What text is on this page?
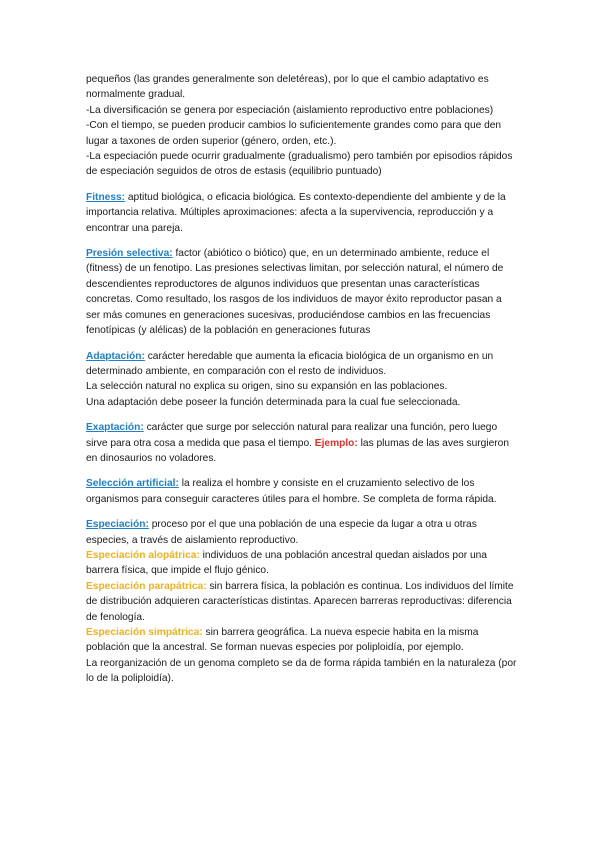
pequeños (las grandes generalmente son deletéreas), por lo que el cambio adaptativo es normalmente gradual.

-La diversificación se genera por especiación (aislamiento reproductivo entre poblaciones)

-Con el tiempo, se pueden producir cambios lo suficientemente grandes como para que den lugar a taxones de orden superior (género, orden, etc.).

-La especiación puede ocurrir gradualmente (gradualismo) pero también por episodios rápidos de especiación seguidos de otros de estasis (equilibrio puntuado)

Fitness: aptitud biológica, o eficacia biológica. Es contexto-dependiente del ambiente y de la importancia relativa. Múltiples aproximaciones: afecta a la supervivencia, reproducción y a encontrar una pareja.

Presión selectiva: factor (abiótico o biótico) que, en un determinado ambiente, reduce el (fitness) de un fenotipo. Las presiones selectivas limitan, por selección natural, el número de descendientes reproductores de algunos individuos que presentan unas características concretas. Como resultado, los rasgos de los individuos de mayor éxito reproductor pasan a ser más comunes en generaciones sucesivas, produciéndose cambios en las frecuencias fenotípicas (y alélicas) de la población en generaciones futuras

Adaptación: carácter heredable que aumenta la eficacia biológica de un organismo en un determinado ambiente, en comparación con el resto de individuos.

La selección natural no explica su origen, sino su expansión en las poblaciones.

Una adaptación debe poseer la función determinada para la cual fue seleccionada.

Exaptación: carácter que surge por selección natural para realizar una función, pero luego sirve para otra cosa a medida que pasa el tiempo. Ejemplo: las plumas de las aves surgieron en dinosaurios no voladores.

Selección artificial: la realiza el hombre y consiste en el cruzamiento selectivo de los organismos para conseguir caracteres útiles para el hombre. Se completa de forma rápida.

Especiación: proceso por el que una población de una especie da lugar a otra u otras especies, a través de aislamiento reproductivo.

Especiación alopátrica: individuos de una población ancestral quedan aislados por una barrera física, que impide el flujo génico.

Especiación parapátrica: sin barrera física, la población es continua. Los individuos del límite de distribución adquieren características distintas. Aparecen barreras reproductivas: diferencia de fenología.

Especiación simpátrica: sin barrera geográfica. La nueva especie habita en la misma población que la ancestral. Se forman nuevas especies por poliploidía, por ejemplo.

La reorganización de un genoma completo se da de forma rápida también en la naturaleza (por lo de la poliploidía).
